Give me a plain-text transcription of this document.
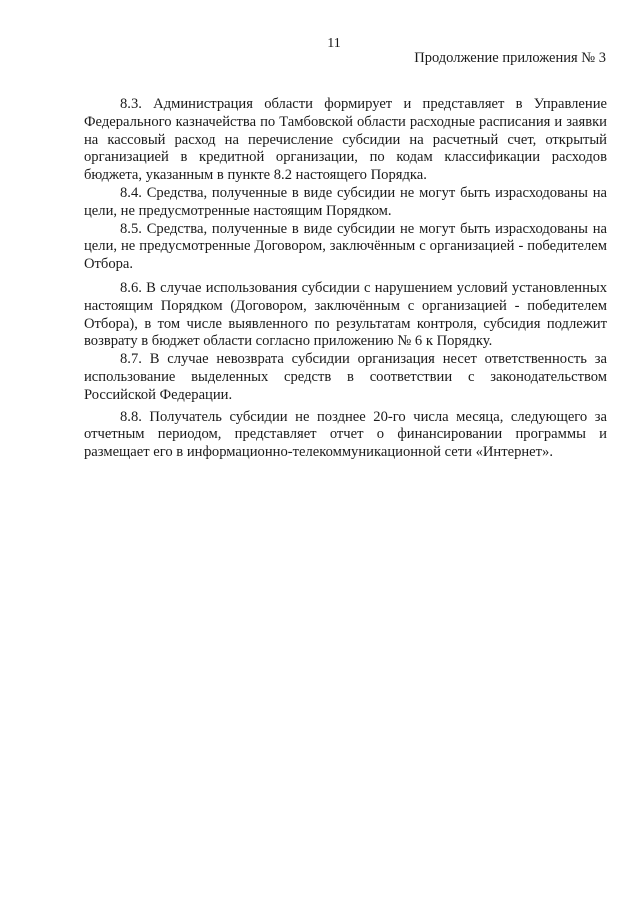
11
Продолжение приложения № 3

8.3. Администрация области формирует и представляет в Управление Федерального казначейства по Тамбовской области расходные расписания и заявки на кассовый расход на перечисление субсидии на расчетный счет, открытый организацией в кредитной организации, по кодам классификации расходов бюджета, указанным в пункте 8.2 настоящего Порядка.

8.4. Средства, полученные в виде субсидии не могут быть израсходованы на цели, не предусмотренные настоящим Порядком.

8.5. Средства, полученные в виде субсидии не могут быть израсходованы на цели, не предусмотренные Договором, заключённым с организацией - победителем Отбора.

8.6. В случае использования субсидии с нарушением условий установленных настоящим Порядком (Договором, заключённым с организацией - победителем Отбора), в том числе выявленного по результатам контроля, субсидия подлежит возврату в бюджет области согласно приложению № 6 к Порядку.

8.7. В случае невозврата субсидии организация несет ответственность за использование выделенных средств в соответствии с законодательством Российской Федерации.

8.8. Получатель субсидии не позднее 20-го числа месяца, следующего за отчетным периодом, представляет отчет о финансировании программы и размещает его в информационно-телекоммуникационной сети «Интернет».
